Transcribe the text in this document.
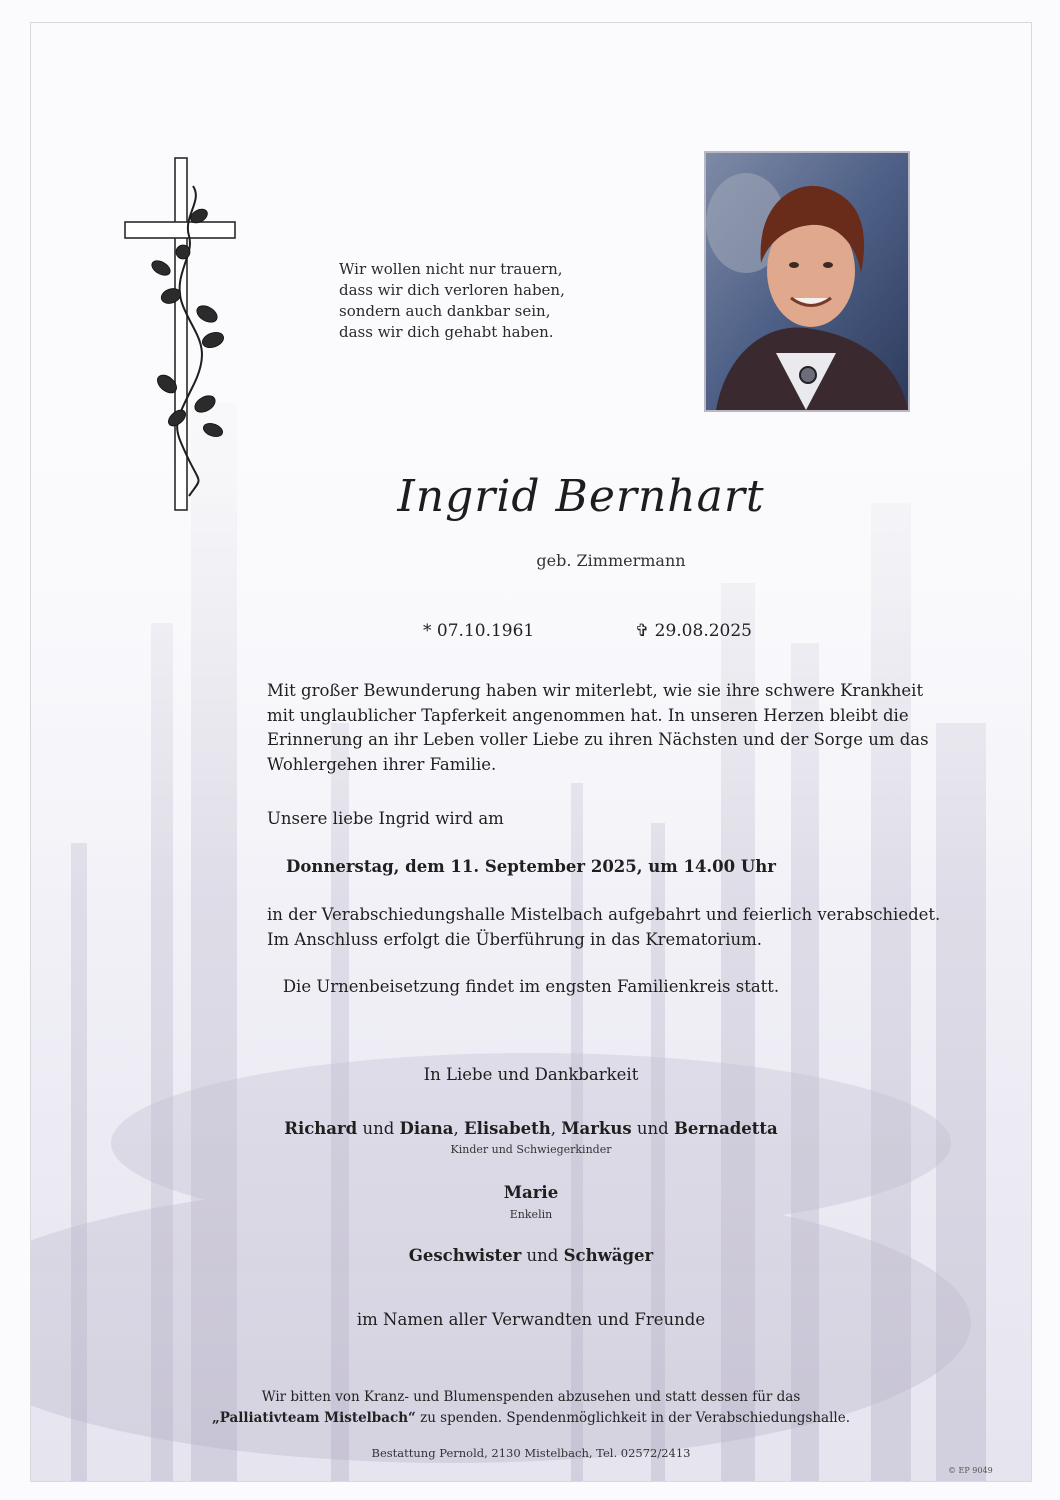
Wir wollen nicht nur trauern,
dass wir dich verloren haben,
sondern auch dankbar sein,
dass wir dich gehabt haben.
Ingrid Bernhart
geb. Zimmermann
* 07.10.1961	✞ 29.08.2025
Mit großer Bewunderung haben wir miterlebt, wie sie ihre schwere Krankheit
mit unglaublicher Tapferkeit angenommen hat. In unseren Herzen bleibt die
Erinnerung an ihr Leben voller Liebe zu ihren Nächsten und der Sorge um das
Wohlergehen ihrer Familie.
Unsere liebe Ingrid wird am
Donnerstag, dem 11. September 2025, um 14.00 Uhr
in der Verabschiedungshalle Mistelbach aufgebahrt und feierlich verabschiedet.
Im Anschluss erfolgt die Überführung in das Krematorium.
Die Urnenbeisetzung findet im engsten Familienkreis statt.
In Liebe und Dankbarkeit
Richard und Diana, Elisabeth, Markus und Bernadetta
Kinder und Schwiegerkinder
Marie
Enkelin
Geschwister und Schwäger
im Namen aller Verwandten und Freunde
Wir bitten von Kranz- und Blumenspenden abzusehen und statt dessen für das
„Palliativteam Mistelbach“ zu spenden. Spendenmöglichkeit in der Verabschiedungshalle.
Bestattung Pernold, 2130 Mistelbach, Tel. 02572/2413
© EP 9049
